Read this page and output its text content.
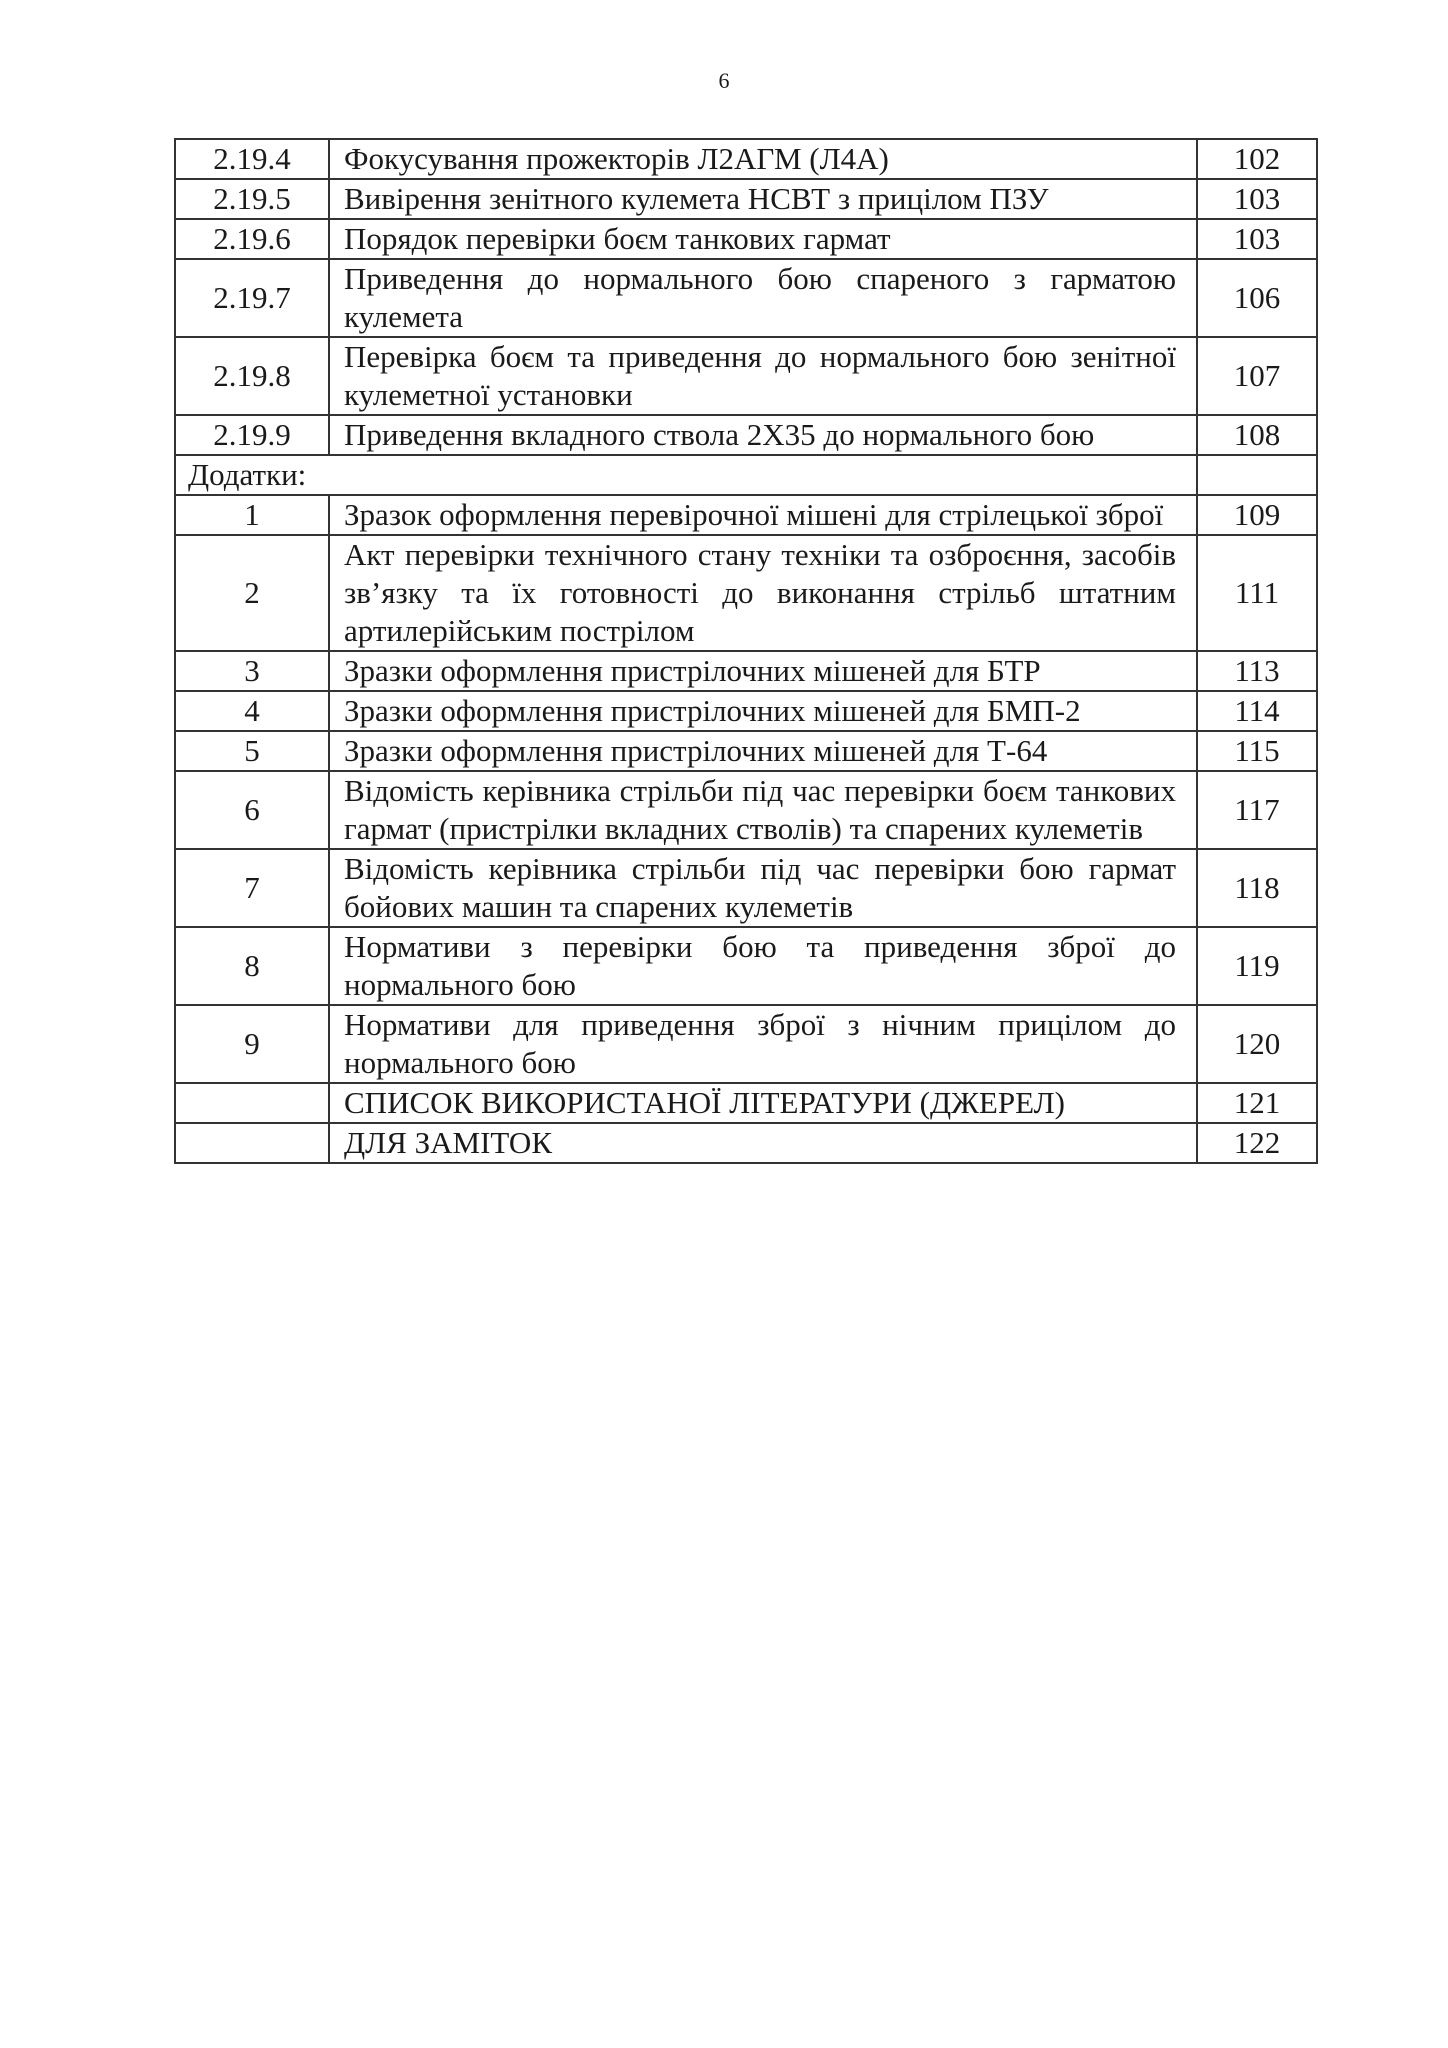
6
2.19.4	Фокусування прожекторів Л2АГМ (Л4А)	102
2.19.5	Вивірення зенітного кулемета НСВТ з прицілом ПЗУ	103
2.19.6	Порядок перевірки боєм танкових гармат	103
2.19.7	Приведення до нормального бою спареного з гарматою кулемета	106
2.19.8	Перевірка боєм та приведення до нормального бою зенітної кулеметної установки	107
2.19.9	Приведення вкладного ствола 2Х35 до нормального бою	108
Додатки:		
1	Зразок оформлення перевірочної мішені для стрілецької зброї	109
2	Акт перевірки технічного стану техніки та озброєння, засобів зв’язку та їх готовності до виконання стрільб штатним артилерійським пострілом	111
3	Зразки оформлення пристрілочних мішеней для БТР	113
4	Зразки оформлення пристрілочних мішеней для БМП-2	114
5	Зразки оформлення пристрілочних мішеней для Т-64	115
6	Відомість керівника стрільби під час перевірки боєм танкових гармат (пристрілки вкладних стволів) та спарених кулеметів	117
7	Відомість керівника стрільби під час перевірки бою гармат бойових машин та спарених кулеметів	118
8	Нормативи з перевірки бою та приведення зброї до нормального бою	119
9	Нормативи для приведення зброї з нічним прицілом до нормального бою	120
	СПИСОК ВИКОРИСТАНОЇ ЛІТЕРАТУРИ (ДЖЕРЕЛ)	121
	ДЛЯ ЗАМІТОК	122
